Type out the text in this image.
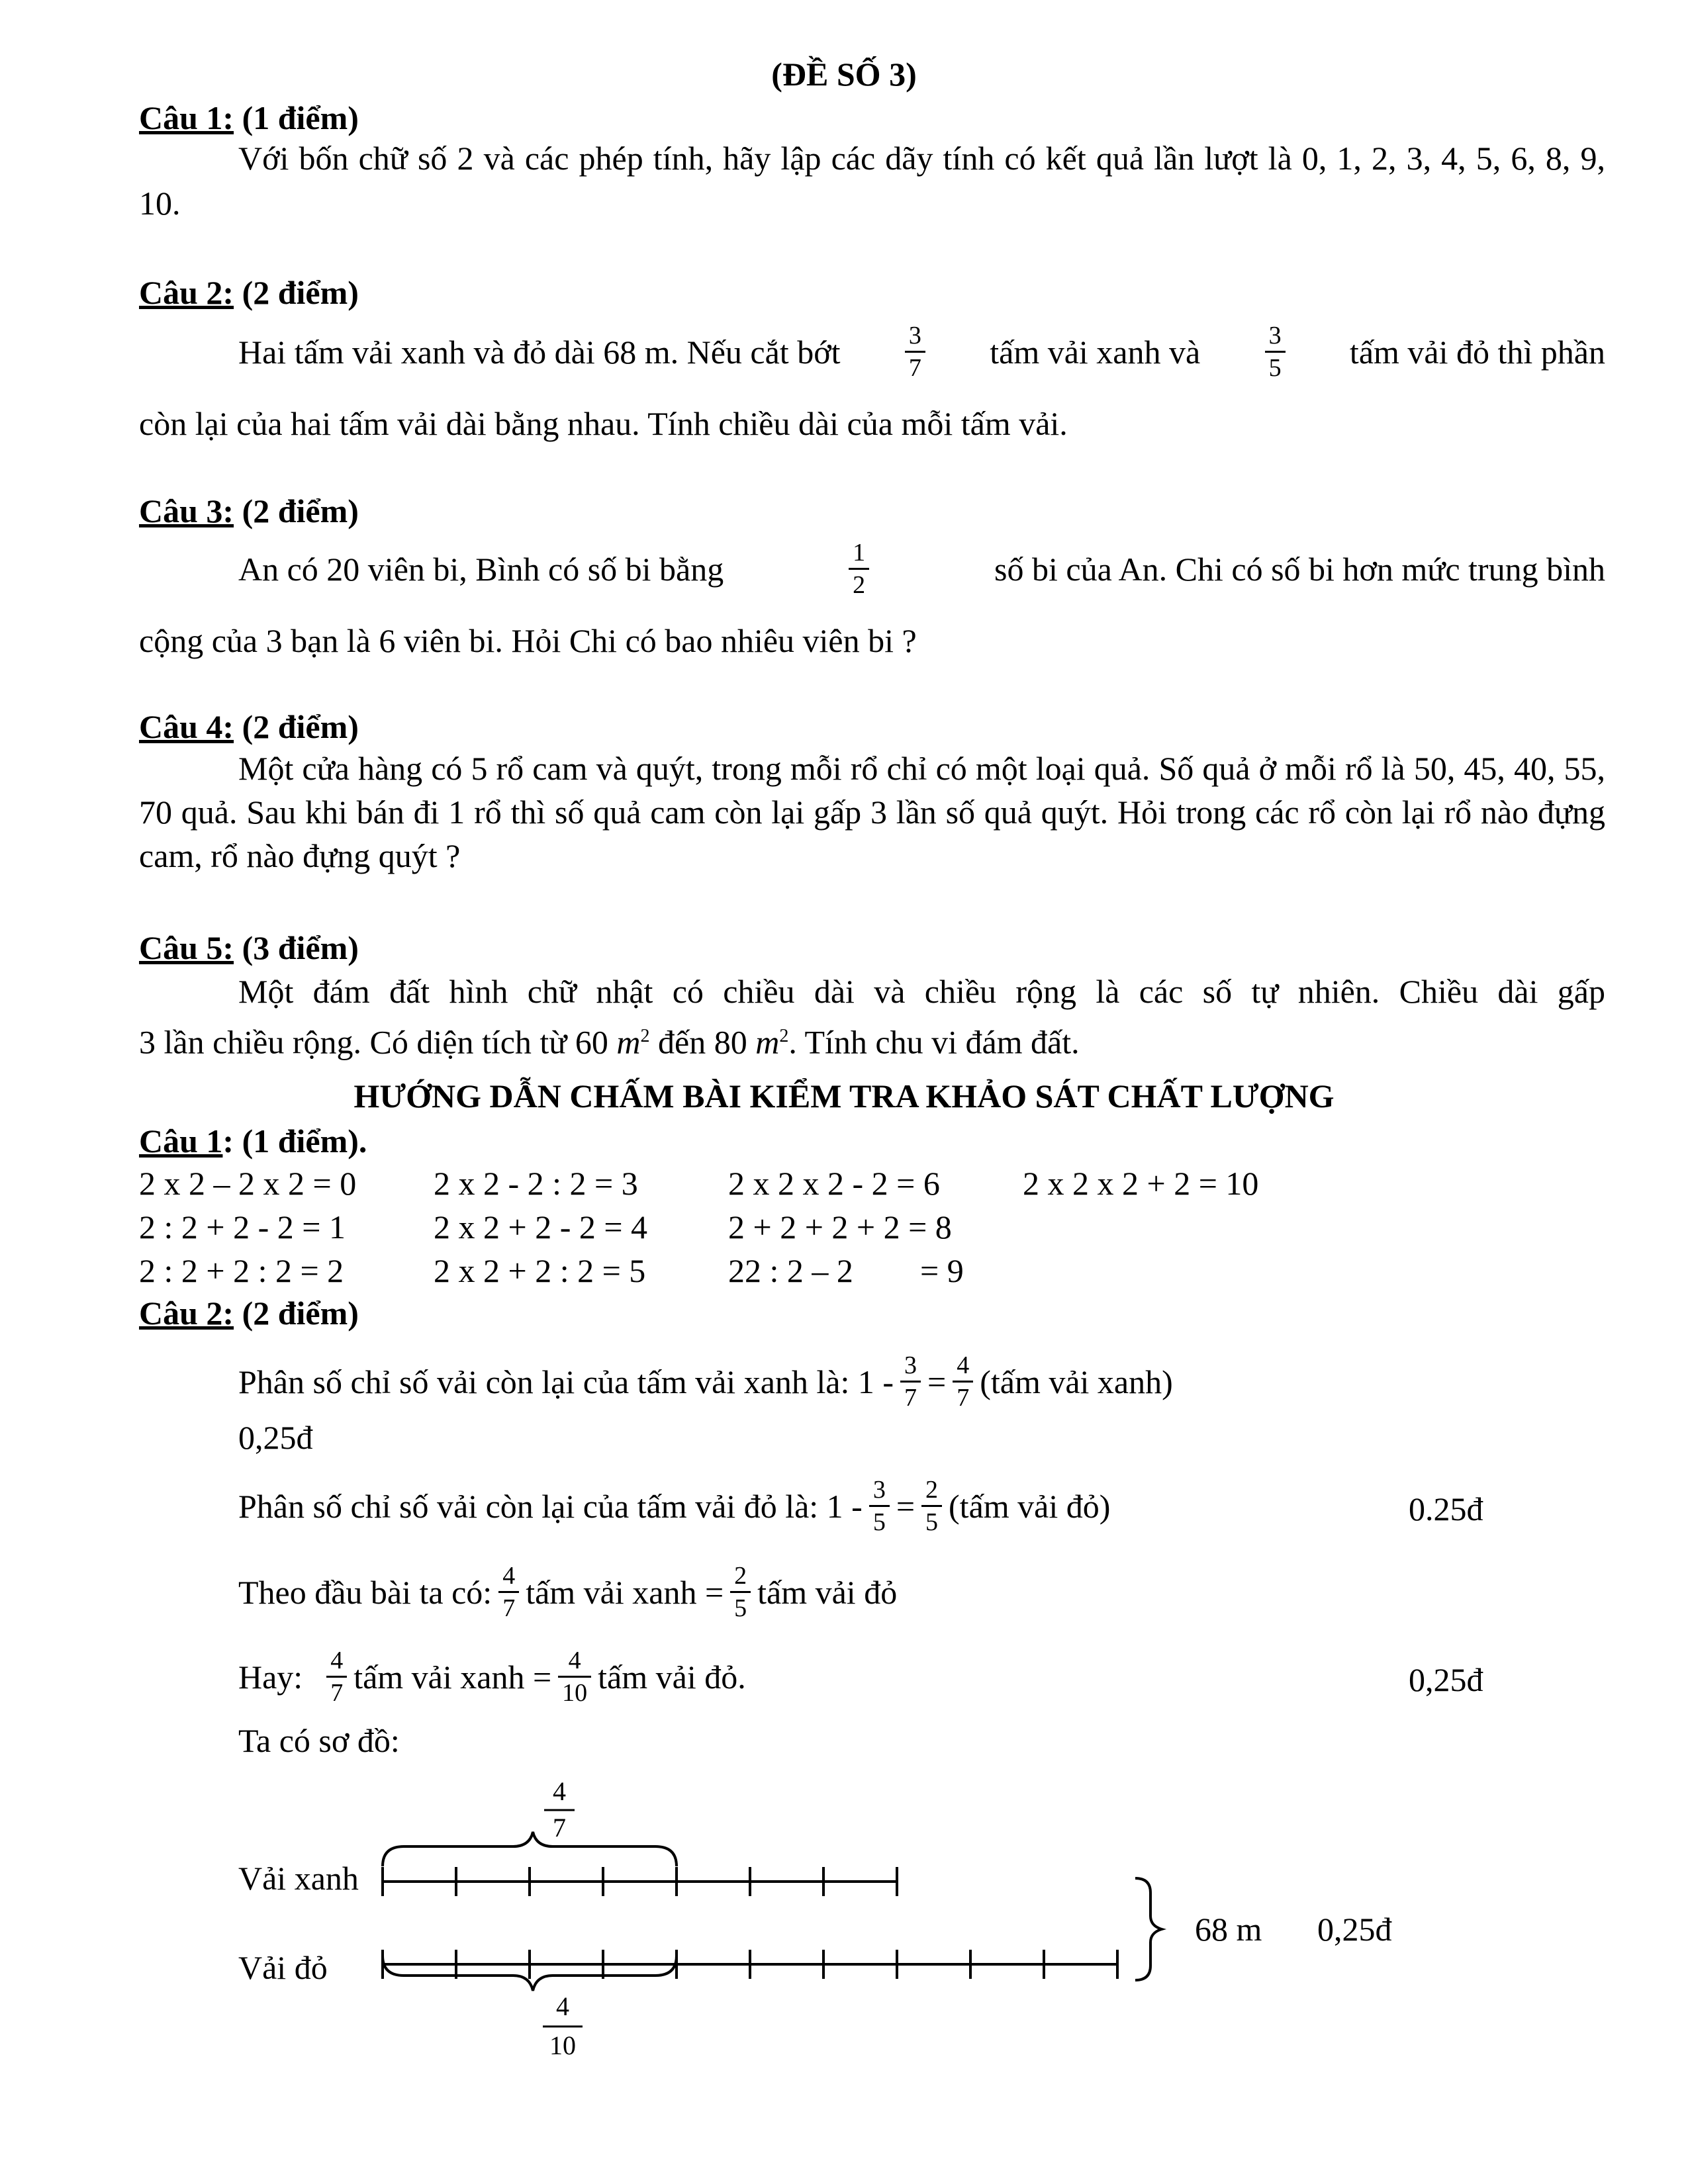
(ĐỀ SỐ 3)
Câu 1: (1 điểm)
Với bốn chữ số 2 và các phép tính, hãy lập các dãy tính có kết quả lần lượt là 0, 1, 2, 3, 4, 5, 6, 8, 9, 10.
Câu 2: (2 điểm)
Hai tấm vải xanh và đỏ dài 68 m. Nếu cắt bớt	$\frac{3}{7}$ tấm vải xanh và	$\frac{3}{5}$ tấm vải đỏ thì phần
còn lại của hai tấm vải dài bằng nhau. Tính chiều dài của mỗi tấm vải.
Câu 3: (2 điểm)
An có 20 viên bi, Bình có số bi bằng	$\frac{1}{2}$	số bi của An. Chi có số bi hơn mức trung bình
cộng của 3 bạn là 6 viên bi. Hỏi Chi có bao nhiêu viên bi ?
Câu 4: (2 điểm)
Một cửa hàng có 5 rổ cam và quýt, trong mỗi rổ chỉ có một loại quả. Số quả ở mỗi rổ là 50, 45, 40, 55, 70 quả. Sau khi bán đi 1 rổ thì số quả cam còn lại gấp 3 lần số quả quýt. Hỏi trong các rổ còn lại rổ nào đựng cam, rổ nào đựng quýt ?
Câu 5: (3 điểm)
Một đám đất hình chữ nhật có chiều dài và chiều rộng là các số tự nhiên. Chiều dài gấp
3 lần chiều rộng. Có diện tích từ 60 $m^2$ đến 80 $m^2$. Tính chu vi đám đất.
HƯỚNG DẪN CHẤM BÀI KIỂM TRA KHẢO SÁT CHẤT LƯỢNG
Câu 1: (1 điểm).
2 x 2 – 2 x 2 = 0 2 x 2 - 2 : 2 = 3	2 x 2 x 2 - 2 = 6	2 x 2 x 2 + 2 = 10
2 : 2 + 2 - 2 = 1	2 x 2 + 2 - 2 = 4 2 + 2 + 2 + 2 = 8
2 : 2 + 2 : 2 = 2	2 x 2 + 2 : 2 = 5 22 : 2 – 2 = 9
Câu 2: (2 điểm)
Phân số chỉ số vải còn lại của tấm vải xanh là: $1 - \frac{3}{7} = \frac{4}{7}$ (tấm vải xanh)
0,25đ
Phân số chỉ số vải còn lại của tấm vải đỏ là: $1 - \frac{3}{5} = \frac{2}{5}$ (tấm vải đỏ)	0.25đ
Theo đầu bài ta có: $\frac{4}{7}$ tấm vải xanh = $\frac{2}{5}$ tấm vải đỏ
Hay: $\frac{4}{7}$ tấm vải xanh = $\frac{4}{10}$ tấm vải đỏ.	0,25đ
Ta có sơ đồ:
4
7
Vải xanh
Vải đỏ
4
10
68 m 0,25đ
